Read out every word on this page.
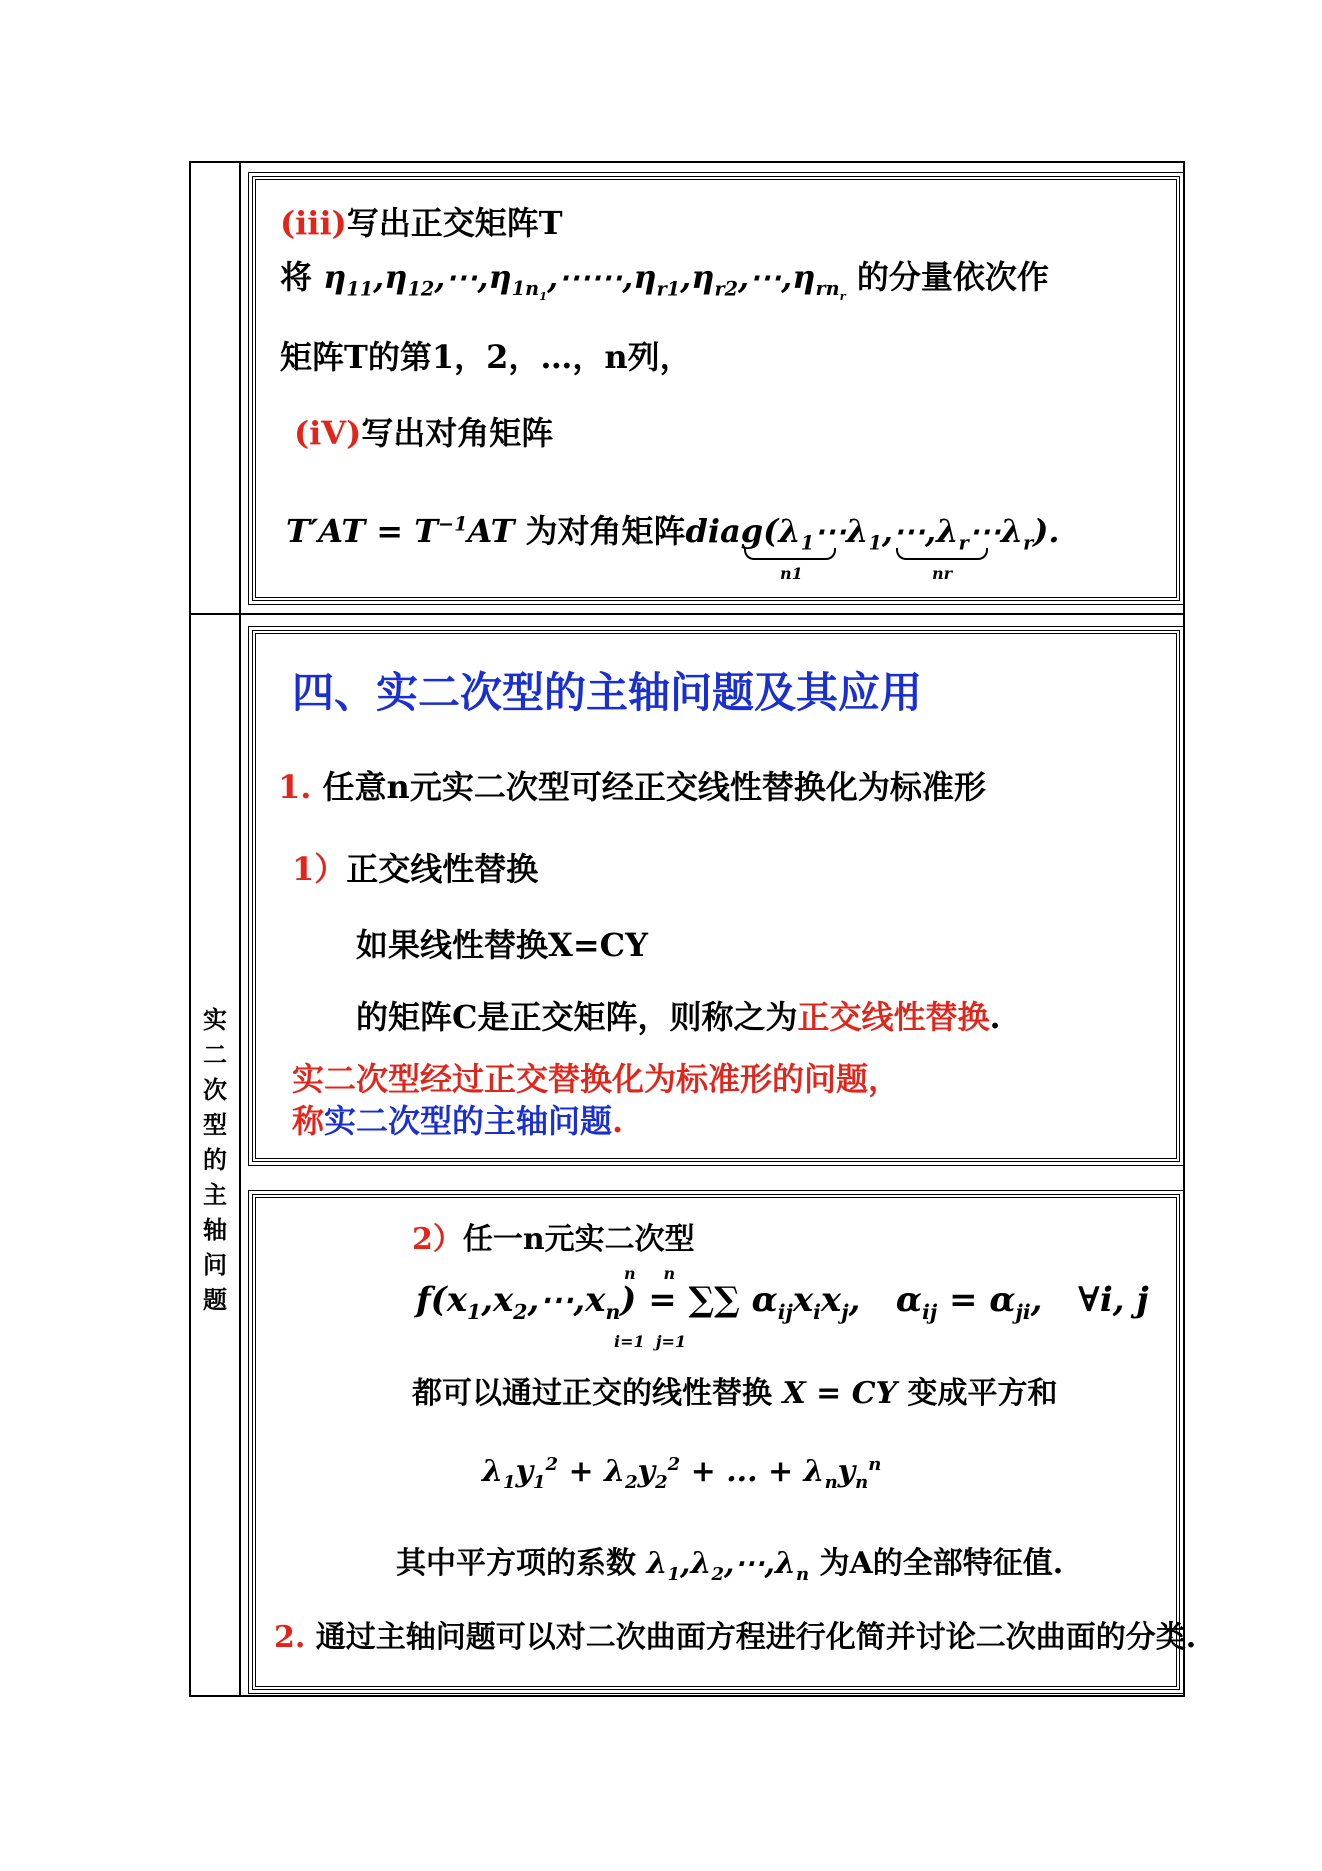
实
二
次
型
的
主
轴
问
题
(iii)写出正交矩阵T
将 $\eta_{11},\eta_{12},\cdots,\eta_{1n_1},\cdots\cdots,\eta_{r1},\eta_{r2},\cdots,\eta_{rn_r}$ 的分量依次作
矩阵T的第1，2，…，n列，
(iV)写出对角矩阵
$T'AT = T^{-1}AT$ 为对角矩阵$diag(\lambda_1\cdots\lambda_1,\cdots,\lambda_r\cdots\lambda_r)$.
n1	nr
四、实二次型的主轴问题及其应用
1. 任意n元实二次型可经正交线性替换化为标准形
1）正交线性替换
如果线性替换X=CY
的矩阵C是正交矩阵，则称之为正交线性替换.
实二次型经过正交替换化为标准形的问题，
称实二次型的主轴问题.
2）任一n元实二次型
$f(x_1,x_2,\cdots,x_n)$ = ∑∑ $\alpha_{ij}x_ix_j$,   $\alpha_{ij} = \alpha_{ji}$,   ∀i, j
n     n
i=1  j=1
都可以通过正交的线性替换 X = CY 变成平方和
$\lambda_1y_1^2 + \lambda_2y_2^2$ + ... + $\lambda_ny_n^n$
其中平方项的系数 $\lambda_1,\lambda_2,\cdots,\lambda_n$ 为A的全部特征值.
2. 通过主轴问题可以对二次曲面方程进行化简并讨论二次曲面的分类.
